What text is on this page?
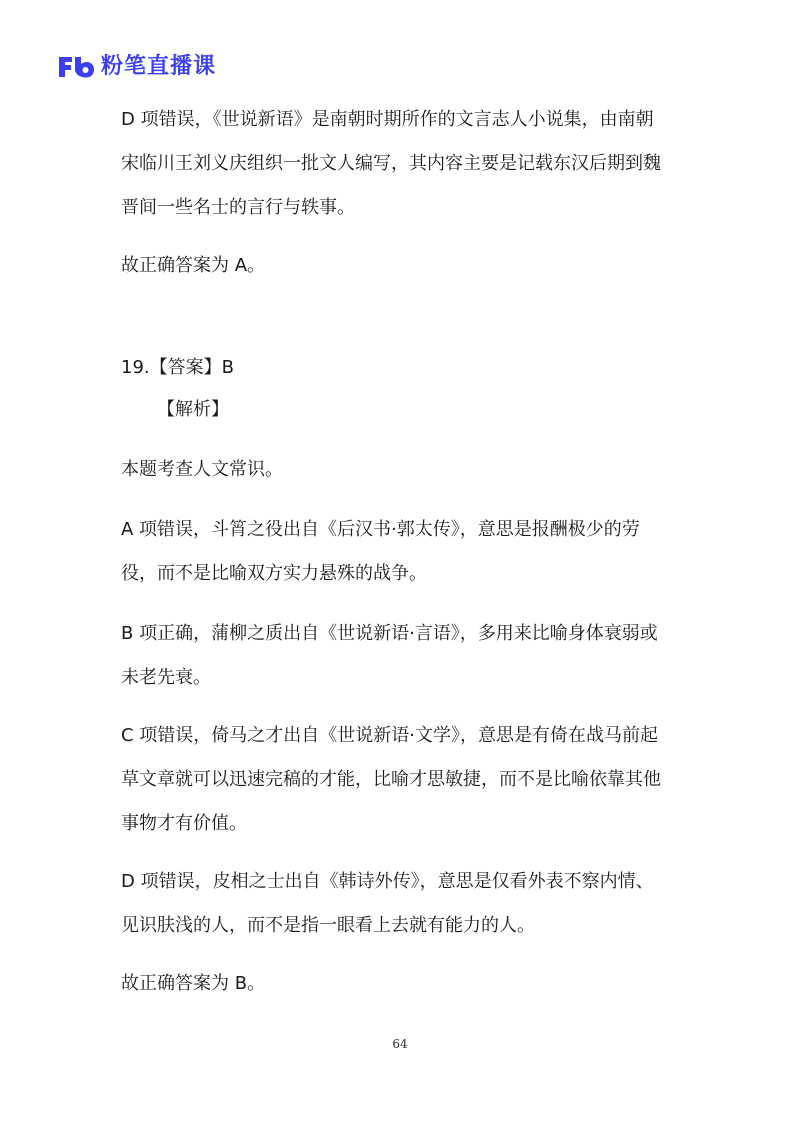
粉笔直播课

D 项错误，《世说新语》是南朝时期所作的文言志人小说集，由南朝

宋临川王刘义庆组织一批文人编写，其内容主要是记载东汉后期到魏

晋间一些名士的言行与轶事。

故正确答案为 A。

19.【答案】B

【解析】

本题考查人文常识。

A 项错误，斗筲之役出自《后汉书·郭太传》，意思是报酬极少的劳

役，而不是比喻双方实力悬殊的战争。

B 项正确，蒲柳之质出自《世说新语·言语》，多用来比喻身体衰弱或

未老先衰。

C 项错误，倚马之才出自《世说新语·文学》，意思是有倚在战马前起

草文章就可以迅速完稿的才能，比喻才思敏捷，而不是比喻依靠其他

事物才有价值。

D 项错误，皮相之士出自《韩诗外传》，意思是仅看外表不察内情、

见识肤浅的人，而不是指一眼看上去就有能力的人。

故正确答案为 B。

64
